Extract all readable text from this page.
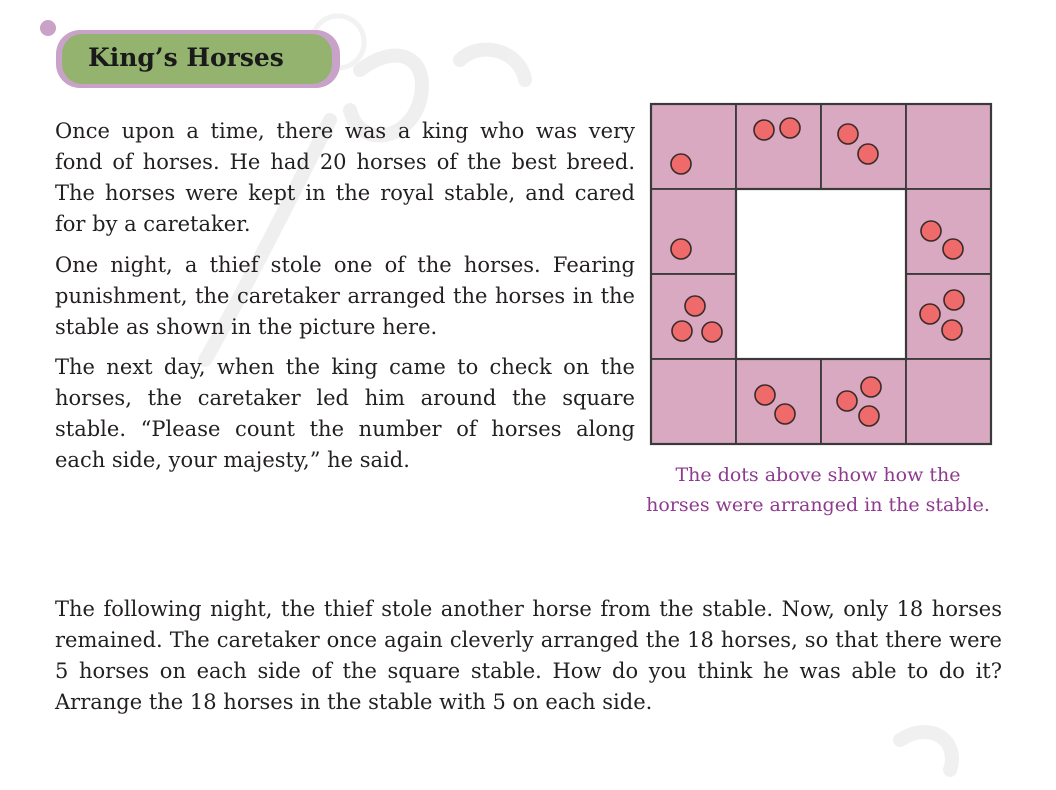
King’s Horses

Once upon a time, there was a king who was very fond of horses. He had 20 horses of the best breed. The horses were kept in the royal stable, and cared for by a caretaker.

One night, a thief stole one of the horses. Fearing punishment, the caretaker arranged the horses in the stable as shown in the picture here.

The next day, when the king came to check on the horses, the caretaker led him around the square stable. “Please count the number of horses along each side, your majesty,” he said.

The dots above show how the
horses were arranged in the stable.

The following night, the thief stole another horse from the stable. Now, only 18 horses remained. The caretaker once again cleverly arranged the 18 horses, so that there were 5 horses on each side of the square stable. How do you think he was able to do it? Arrange the 18 horses in the stable with 5 on each side.
